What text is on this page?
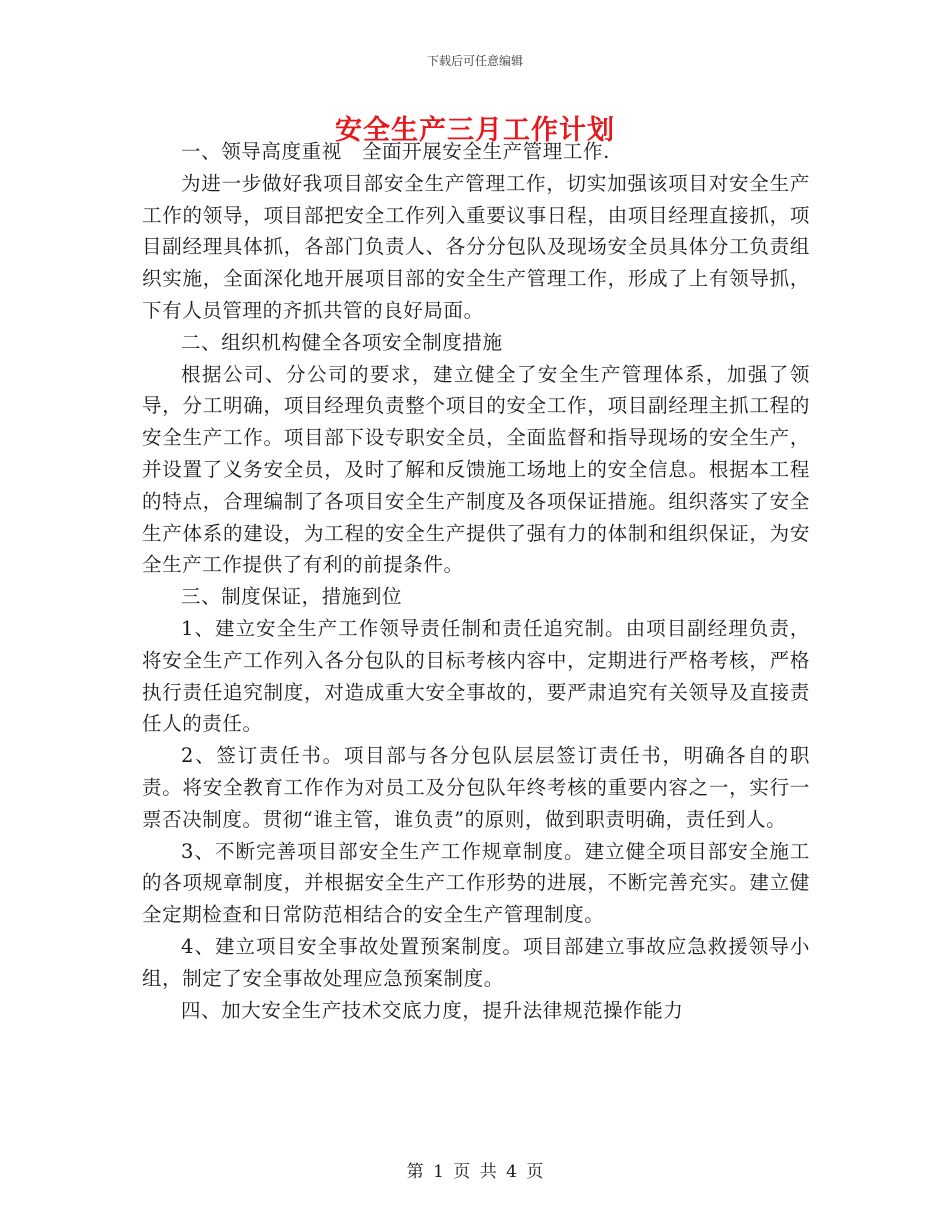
下载后可任意编辑
安全生产三月工作计划

一、领导高度重视　全面开展安全生产管理工作.

为进一步做好我项目部安全生产管理工作，切实加强该项目对安全生产工作的领导，项目部把安全工作列入重要议事日程，由项目经理直接抓，项目副经理具体抓，各部门负责人、各分分包队及现场安全员具体分工负责组织实施，全面深化地开展项目部的安全生产管理工作，形成了上有领导抓，下有人员管理的齐抓共管的良好局面。

二、组织机构健全各项安全制度措施

根据公司、分公司的要求，建立健全了安全生产管理体系，加强了领导，分工明确，项目经理负责整个项目的安全工作，项目副经理主抓工程的安全生产工作。项目部下设专职安全员，全面监督和指导现场的安全生产，并设置了义务安全员，及时了解和反馈施工场地上的安全信息。根据本工程的特点，合理编制了各项目安全生产制度及各项保证措施。组织落实了安全生产体系的建设，为工程的安全生产提供了强有力的体制和组织保证，为安全生产工作提供了有利的前提条件。

三、制度保证，措施到位

1、建立安全生产工作领导责任制和责任追究制。由项目副经理负责，将安全生产工作列入各分包队的目标考核内容中，定期进行严格考核，严格执行责任追究制度，对造成重大安全事故的，要严肃追究有关领导及直接责任人的责任。

2、签订责任书。项目部与各分包队层层签订责任书，明确各自的职责。将安全教育工作作为对员工及分包队年终考核的重要内容之一，实行一票否决制度。贯彻“谁主管，谁负责”的原则，做到职责明确，责任到人。

3、不断完善项目部安全生产工作规章制度。建立健全项目部安全施工的各项规章制度，并根据安全生产工作形势的进展，不断完善充实。建立健全定期检查和日常防范相结合的安全生产管理制度。

4、建立项目安全事故处置预案制度。项目部建立事故应急救援领导小组，制定了安全事故处理应急预案制度。

四、加大安全生产技术交底力度，提升法律规范操作能力

第 1 页 共 4 页
